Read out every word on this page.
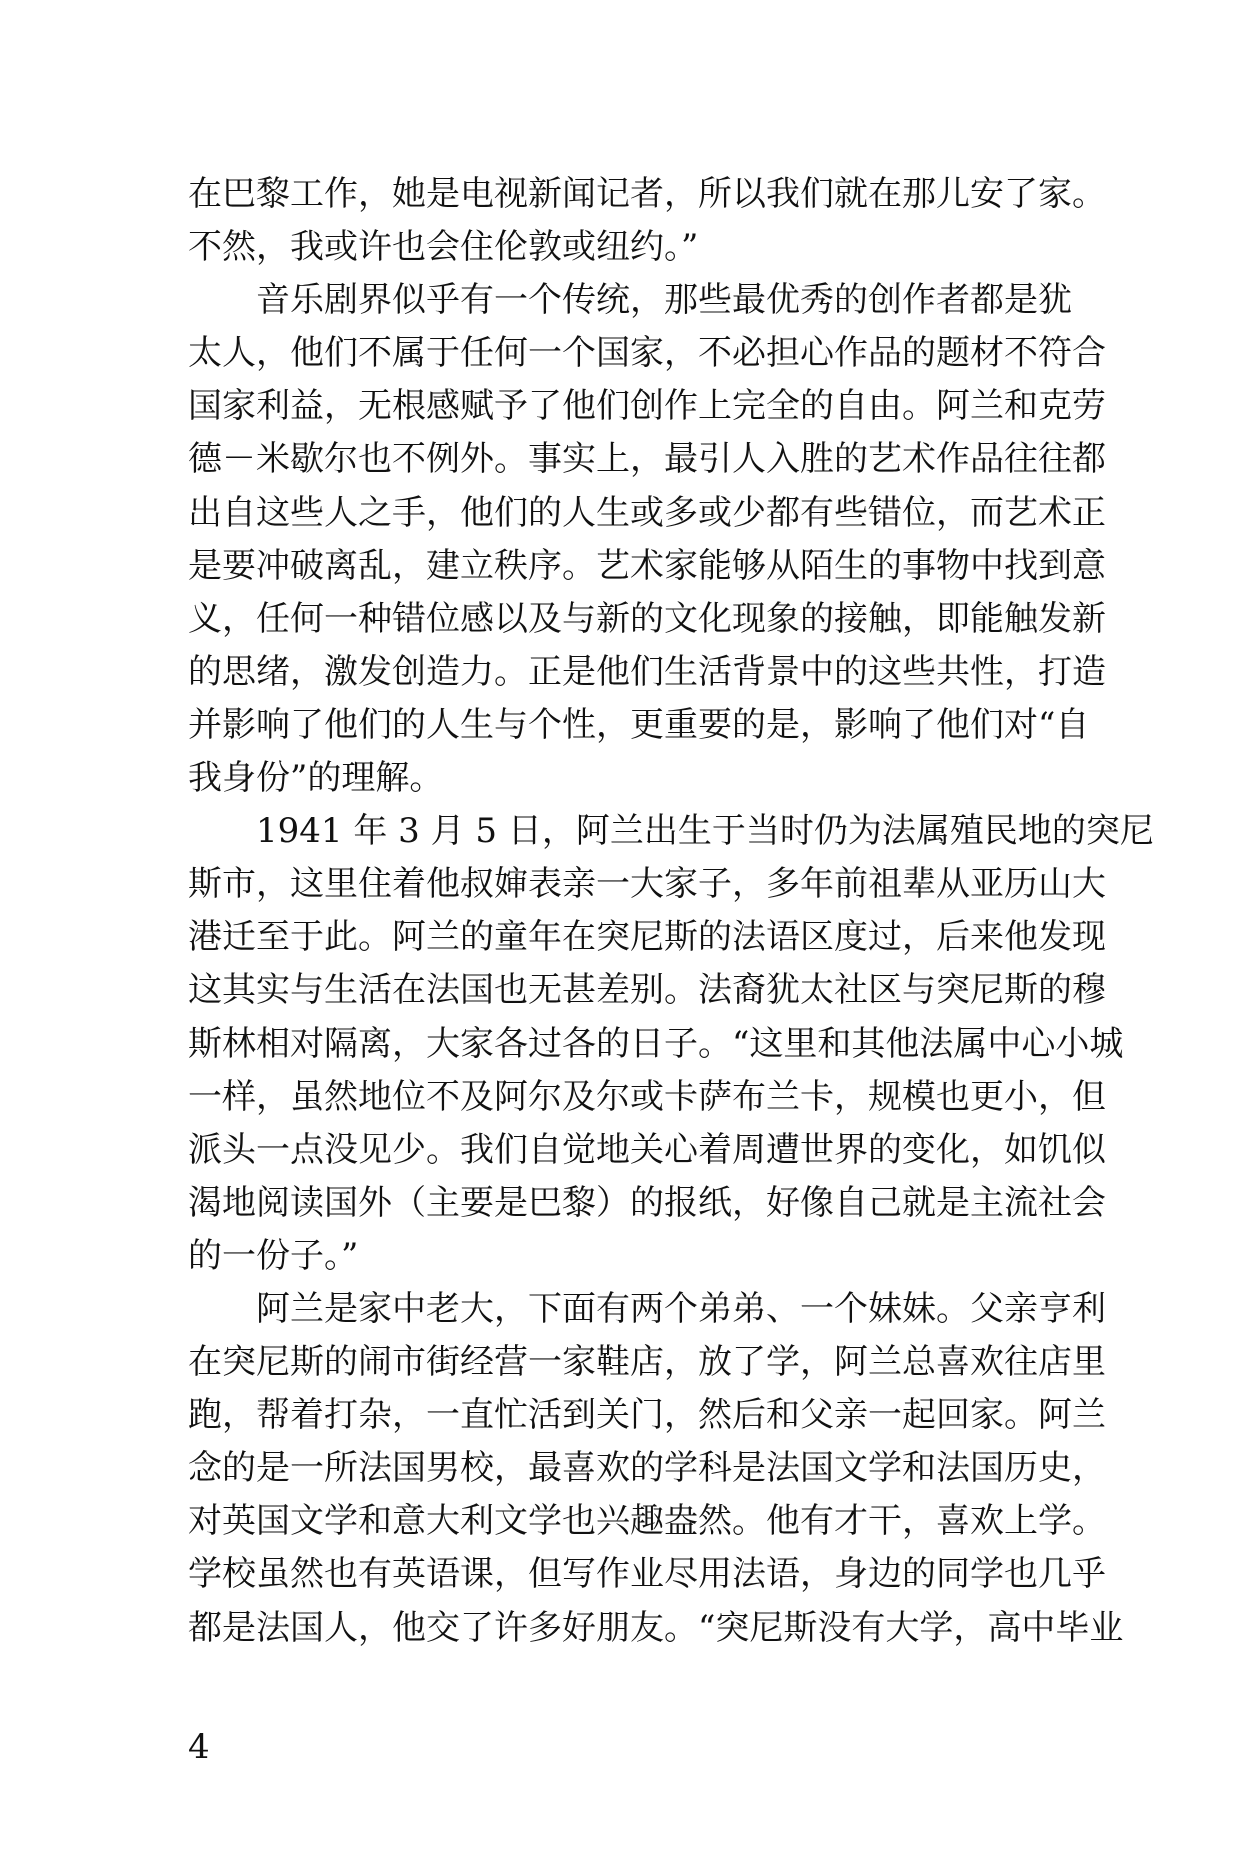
在巴黎工作，她是电视新闻记者，所以我们就在那儿安了家。
不然，我或许也会住伦敦或纽约。”
　　音乐剧界似乎有一个传统，那些最优秀的创作者都是犹
太人，他们不属于任何一个国家，不必担心作品的题材不符合
国家利益，无根感赋予了他们创作上完全的自由。阿兰和克劳
德－米歇尔也不例外。事实上，最引人入胜的艺术作品往往都
出自这些人之手，他们的人生或多或少都有些错位，而艺术正
是要冲破离乱，建立秩序。艺术家能够从陌生的事物中找到意
义，任何一种错位感以及与新的文化现象的接触，即能触发新
的思绪，激发创造力。正是他们生活背景中的这些共性，打造
并影响了他们的人生与个性，更重要的是，影响了他们对“自
我身份”的理解。
　　1941 年 3 月 5 日，阿兰出生于当时仍为法属殖民地的突尼
斯市，这里住着他叔婶表亲一大家子，多年前祖辈从亚历山大
港迁至于此。阿兰的童年在突尼斯的法语区度过，后来他发现
这其实与生活在法国也无甚差别。法裔犹太社区与突尼斯的穆
斯林相对隔离，大家各过各的日子。“这里和其他法属中心小城
一样，虽然地位不及阿尔及尔或卡萨布兰卡，规模也更小，但
派头一点没见少。我们自觉地关心着周遭世界的变化，如饥似
渴地阅读国外（主要是巴黎）的报纸，好像自己就是主流社会
的一份子。”
　　阿兰是家中老大，下面有两个弟弟、一个妹妹。父亲亨利
在突尼斯的闹市街经营一家鞋店，放了学，阿兰总喜欢往店里
跑，帮着打杂，一直忙活到关门，然后和父亲一起回家。阿兰
念的是一所法国男校，最喜欢的学科是法国文学和法国历史，
对英国文学和意大利文学也兴趣盎然。他有才干，喜欢上学。
学校虽然也有英语课，但写作业尽用法语，身边的同学也几乎
都是法国人，他交了许多好朋友。“突尼斯没有大学，高中毕业
4
